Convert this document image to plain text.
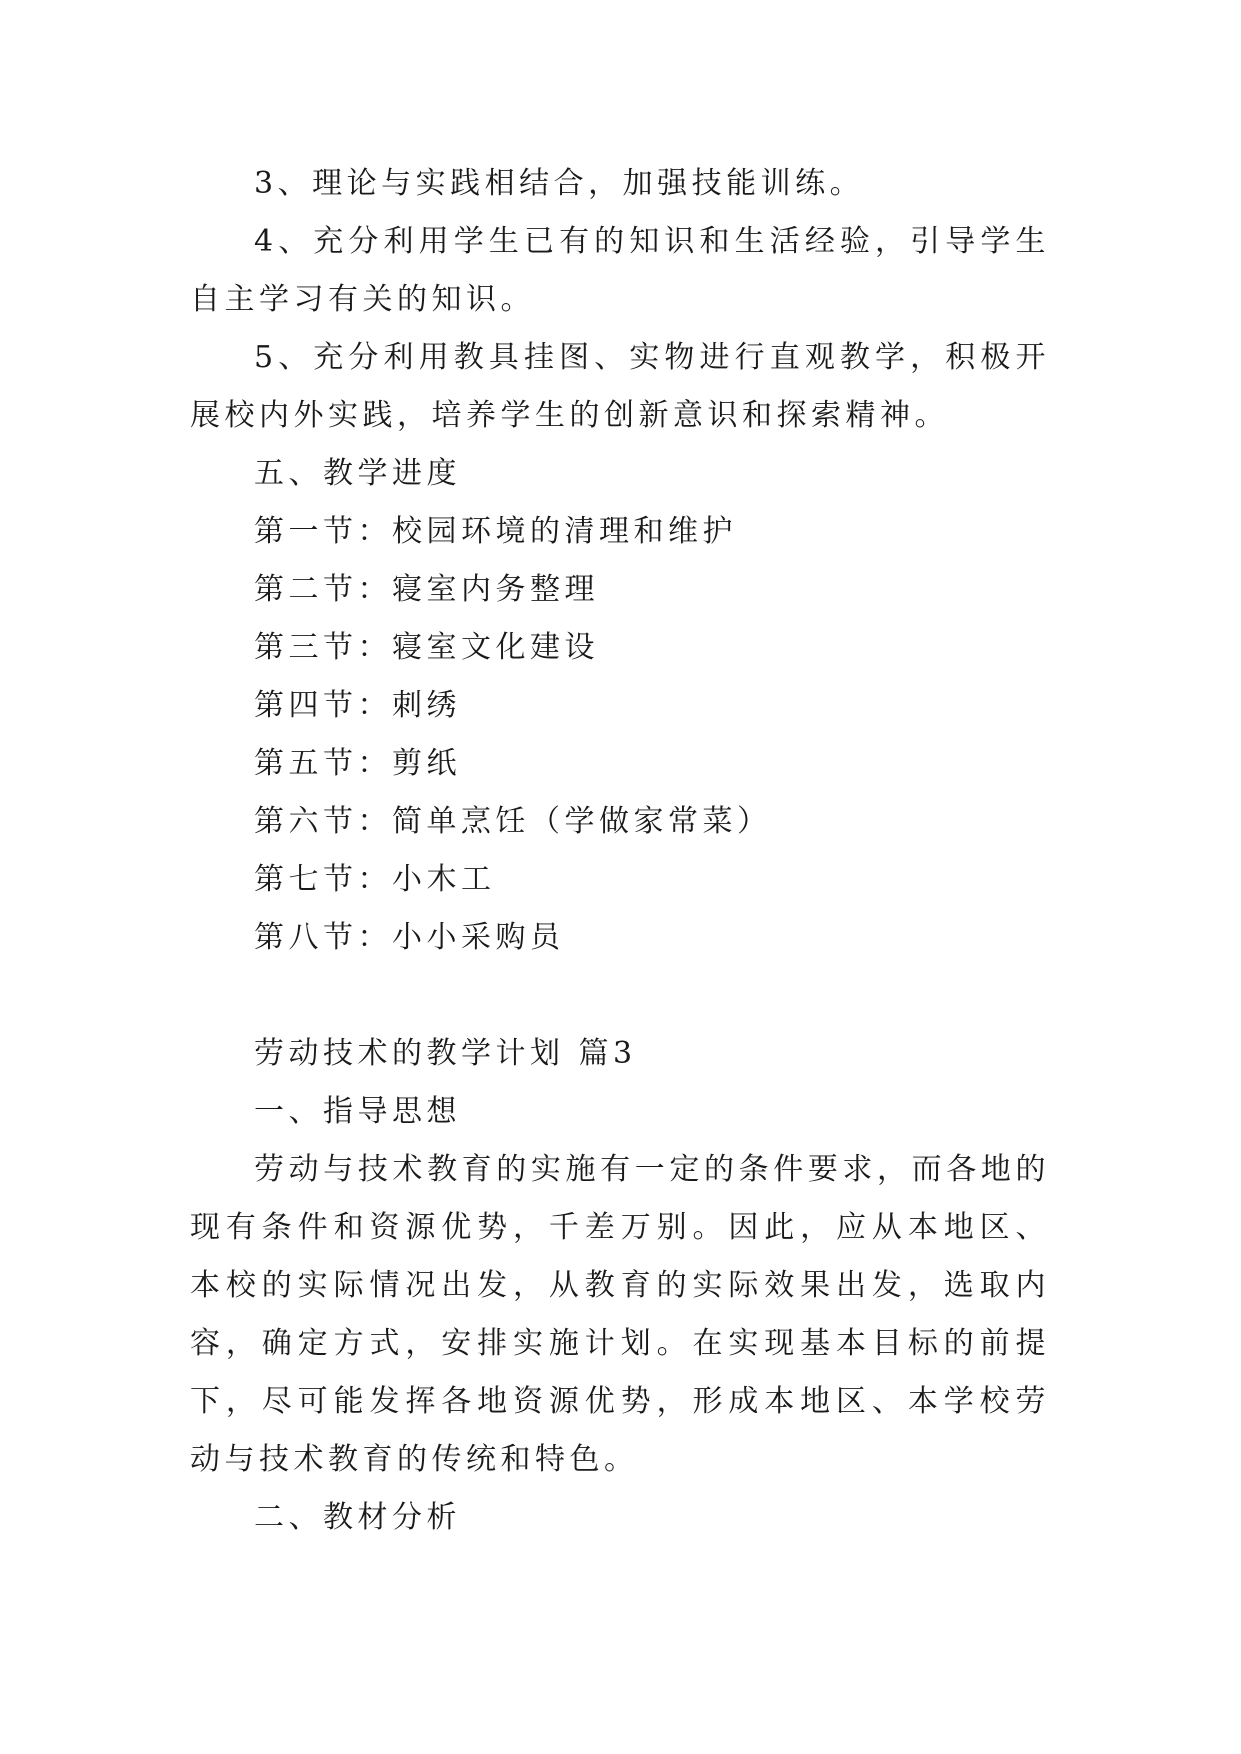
3、理论与实践相结合，加强技能训练。

4、充分利用学生已有的知识和生活经验，引导学生自主学习有关的知识。

5、充分利用教具挂图、实物进行直观教学，积极开展校内外实践，培养学生的创新意识和探索精神。

五、教学进度

第一节：校园环境的清理和维护

第二节：寝室内务整理

第三节：寝室文化建设

第四节：刺绣

第五节：剪纸

第六节：简单烹饪（学做家常菜）

第七节：小木工

第八节：小小采购员

劳动技术的教学计划 篇3

一、指导思想

劳动与技术教育的实施有一定的条件要求，而各地的现有条件和资源优势，千差万别。因此，应从本地区、本校的实际情况出发，从教育的实际效果出发，选取内容，确定方式，安排实施计划。在实现基本目标的前提下，尽可能发挥各地资源优势，形成本地区、本学校劳动与技术教育的传统和特色。

二、教材分析
